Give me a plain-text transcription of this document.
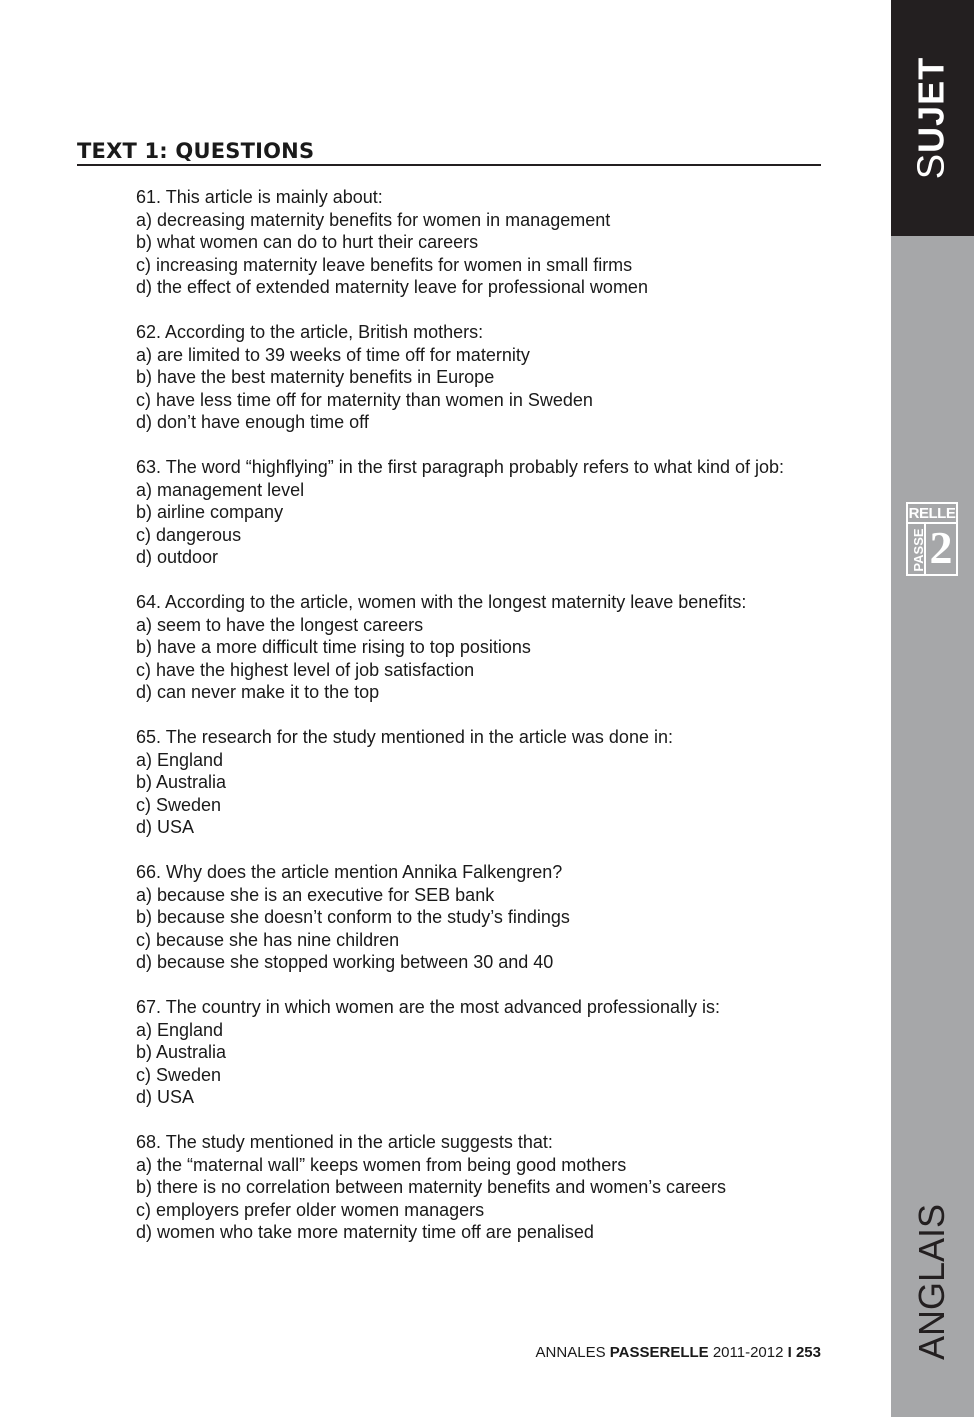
SUJET
RELLE
PASSE 2
ANGLAIS
TEXT 1: QUESTIONS
61. This article is mainly about:
a) decreasing maternity benefits for women in management
b) what women can do to hurt their careers
c) increasing maternity leave benefits for women in small firms
d) the effect of extended maternity leave for professional women
62. According to the article, British mothers:
a) are limited to 39 weeks of time off for maternity
b) have the best maternity benefits in Europe
c) have less time off for maternity than women in Sweden
d) don’t have enough time off
63. The word “highflying” in the first paragraph probably refers to what kind of job:
a) management level
b) airline company
c) dangerous
d) outdoor
64. According to the article, women with the longest maternity leave benefits:
a) seem to have the longest careers
b) have a more difficult time rising to top positions
c) have the highest level of job satisfaction
d) can never make it to the top
65. The research for the study mentioned in the article was done in:
a) England
b) Australia
c) Sweden
d) USA
66. Why does the article mention Annika Falkengren?
a) because she is an executive for SEB bank
b) because she doesn’t conform to the study’s findings
c) because she has nine children
d) because she stopped working between 30 and 40
67. The country in which women are the most advanced professionally is:
a) England
b) Australia
c) Sweden
d) USA
68. The study mentioned in the article suggests that:
a) the “maternal wall” keeps women from being good mothers
b) there is no correlation between maternity benefits and women’s careers
c) employers prefer older women managers
d) women who take more maternity time off are penalised
ANNALES PASSERELLE 2011-2012 I 253
